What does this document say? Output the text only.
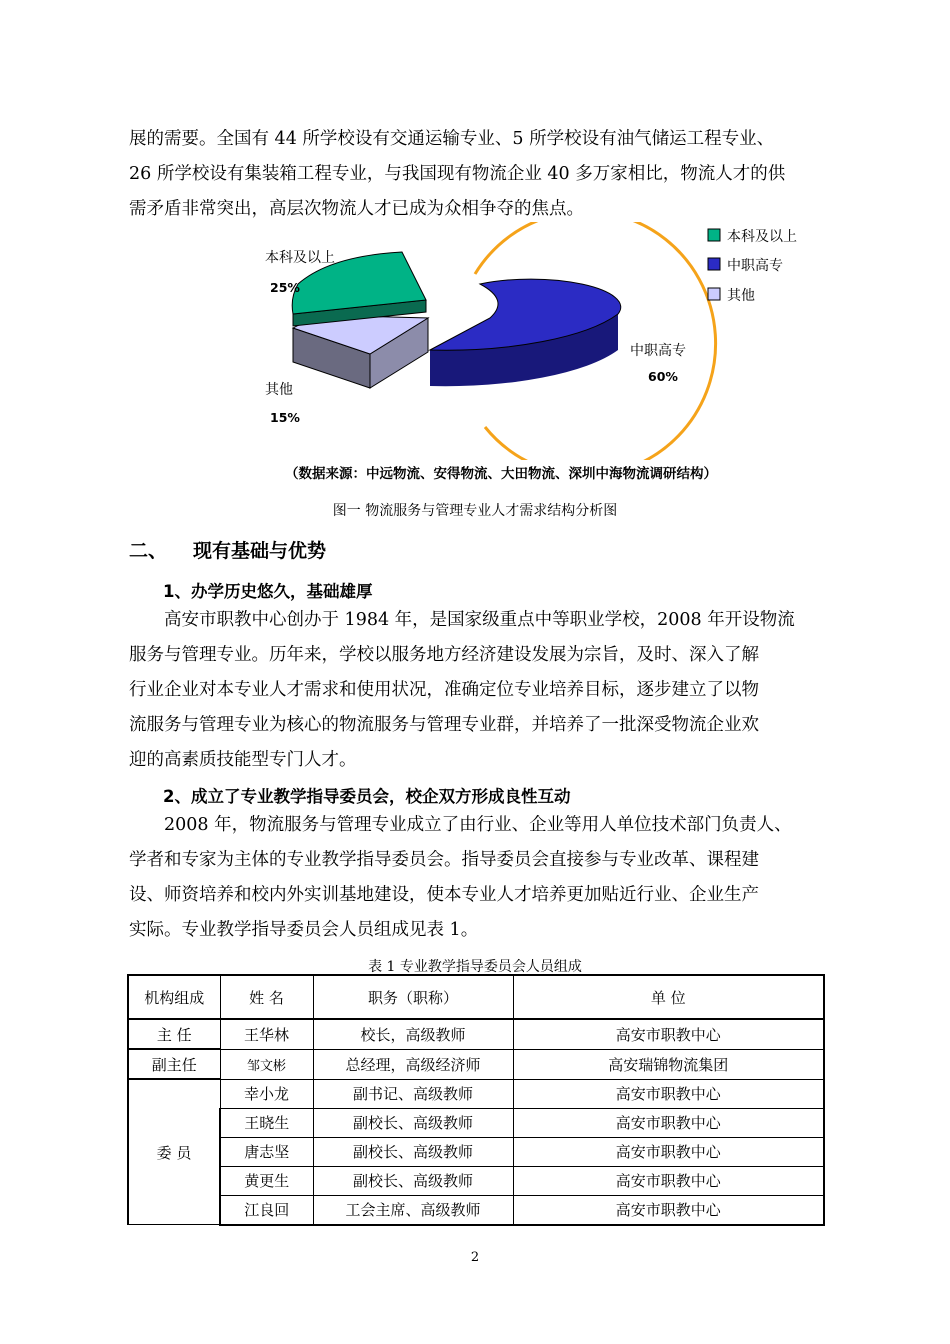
展的需要。全国有 44 所学校设有交通运输专业、5 所学校设有油气储运工程专业、
26 所学校设有集装箱工程专业，与我国现有物流企业 40 多万家相比，物流人才的供
需矛盾非常突出，高层次物流人才已成为众相争夺的焦点。
本科及以上
25%
其他
15%
中职高专
60%
本科及以上
中职高专
其他

（数据来源：中远物流、安得物流、大田物流、深圳中海物流调研结构）

图一 物流服务与管理专业人才需求结构分析图

二、 现有基础与优势
1、办学历史悠久，基础雄厚
高安市职教中心创办于 1984 年，是国家级重点中等职业学校，2008 年开设物流
服务与管理专业。历年来，学校以服务地方经济建设发展为宗旨，及时、深入了解
行业企业对本专业人才需求和使用状况，准确定位专业培养目标，逐步建立了以物
流服务与管理专业为核心的物流服务与管理专业群，并培养了一批深受物流企业欢
迎的高素质技能型专门人才。
2、成立了专业教学指导委员会，校企双方形成良性互动
2008 年，物流服务与管理专业成立了由行业、企业等用人单位技术部门负责人、
学者和专家为主体的专业教学指导委员会。指导委员会直接参与专业改革、课程建
设、师资培养和校内外实训基地建设，使本专业人才培养更加贴近行业、企业生产
实际。专业教学指导委员会人员组成见表 1。

表 1 专业教学指导委员会人员组成

机构组成	姓 名	职务（职称）	单 位
主 任	王华林	校长，高级教师	高安市职教中心
副主任	邹文彬	总经理，高级经济师	高安瑞锦物流集团
委 员	幸小龙	副书记、高级教师	高安市职教中心
	王晓生	副校长、高级教师	高安市职教中心
	唐志坚	副校长、高级教师	高安市职教中心
	黄更生	副校长、高级教师	高安市职教中心
	江良回	工会主席、高级教师	高安市职教中心

2
